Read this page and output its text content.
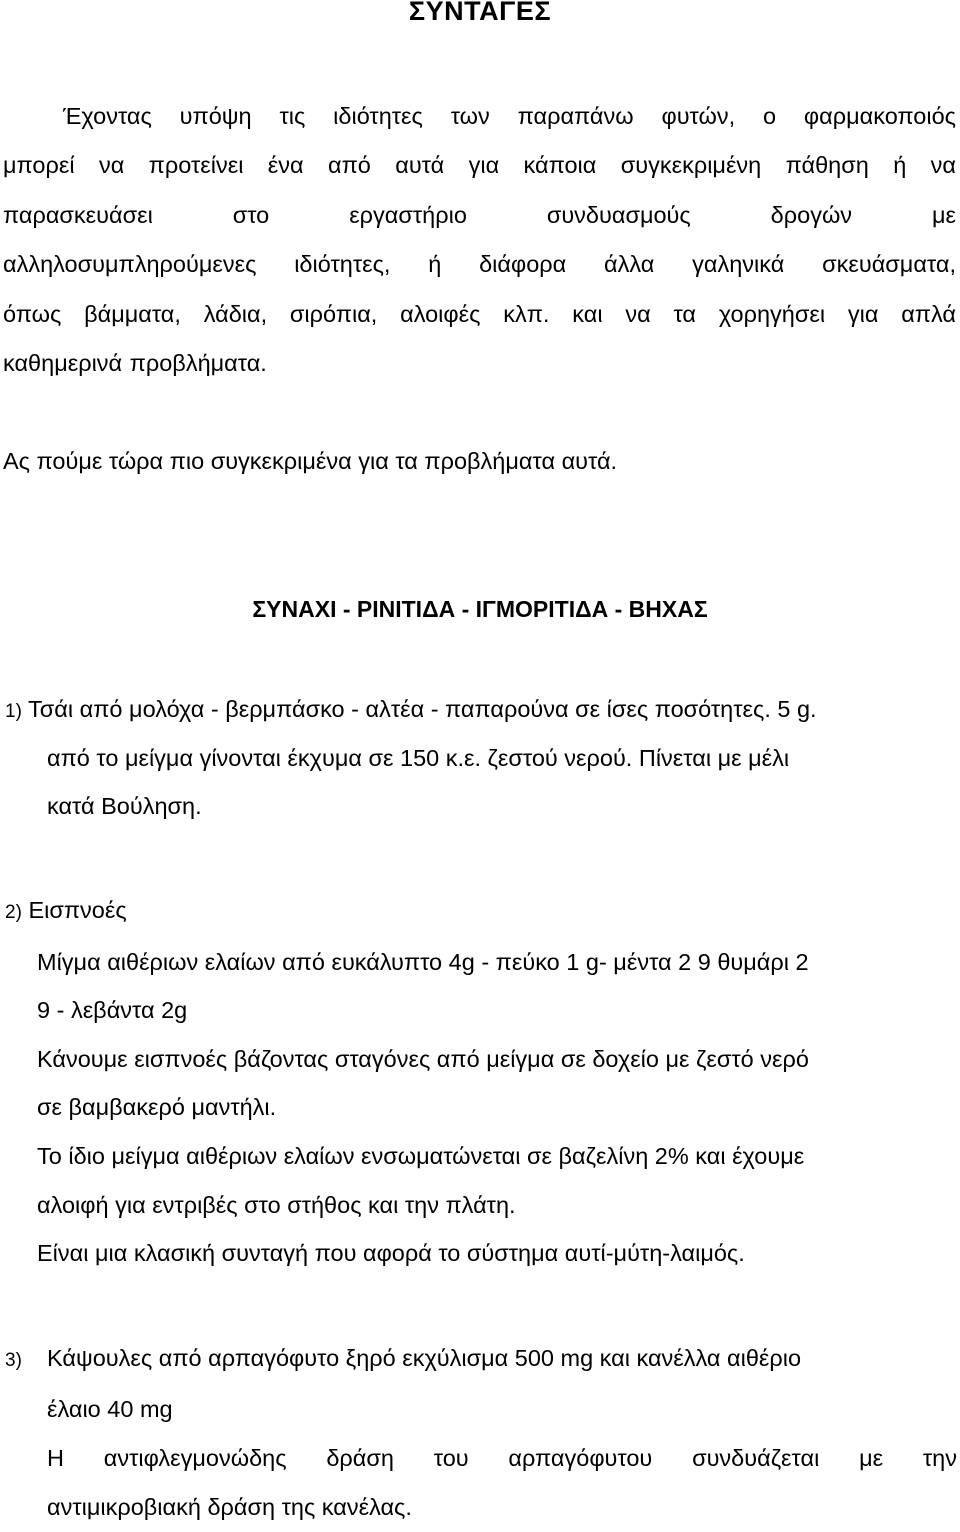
ΣΥΝΤΑΓΕΣ
Έχοντας υπόψη τις ιδιότητες των παραπάνω φυτών, ο φαρμακοποιός
μπορεί να προτείνει ένα από αυτά για κάποια συγκεκριμένη πάθηση ή να
παρασκευάσει στο εργαστήριο συνδυασμούς δρογών με
αλληλοσυμπληρούμενες ιδιότητες, ή διάφορα άλλα γαληνικά σκευάσματα,
όπως βάμματα, λάδια, σιρόπια, αλοιφές κλπ. και να τα χορηγήσει για απλά
καθημερινά προβλήματα.

Ας πούμε τώρα πιο συγκεκριμένα για τα προβλήματα αυτά.

ΣΥΝΑΧΙ - ΡΙΝΙΤΙΔΑ - ΙΓΜΟΡΙΤΙΔΑ - ΒΗΧΑΣ
1) Τσάι από μολόχα - βερμπάσκο - αλτέα - παπαρούνα σε ίσες ποσότητες. 5 g.
από το μείγμα γίνονται έκχυμα σε 150 κ.ε. ζεστού νερού. Πίνεται με μέλι
κατά Βούληση.
2) Εισπνοές
Μίγμα αιθέριων ελαίων από ευκάλυπτο 4g - πεύκο 1 g- μέντα 2 9 θυμάρι 2
9 - λεβάντα 2g
Κάνουμε εισπνοές βάζοντας σταγόνες από μείγμα σε δοχείο με ζεστό νερό
σε βαμβακερό μαντήλι.
Το ίδιο μείγμα αιθέριων ελαίων ενσωματώνεται σε βαζελίνη 2% και έχουμε
αλοιφή για εντριβές στο στήθος και την πλάτη.
Είναι μια κλασική συνταγή που αφορά το σύστημα αυτί-μύτη-λαιμός.
3) Κάψουλες από αρπαγόφυτο ξηρό εκχύλισμα 500 mg και κανέλλα αιθέριο
έλαιο 40 mg
Η αντιφλεγμονώδης δράση του αρπαγόφυτου συνδυάζεται με την
αντιμικροβιακή δράση της κανέλας.
